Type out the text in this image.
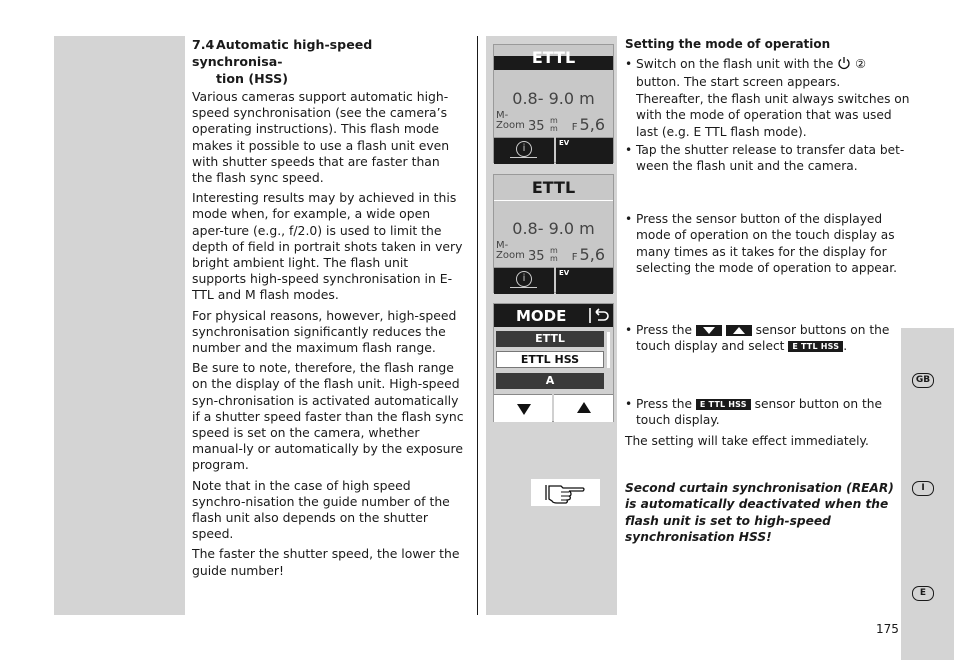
7.4 Automatic high-speed synchronisa-
tion (HSS)

Various cameras support automatic high-speed synchronisation (see the camera’s operating instructions). This flash mode makes it possible to use a flash unit even with shutter speeds that are faster than the flash sync speed.

Interesting results may by achieved in this mode when, for example, a wide open aper-ture (e.g., f/2.0) is used to limit the depth of field in portrait shots taken in very bright ambient light. The flash unit supports high-speed synchronisation in E-TTL and M flash modes.

For physical reasons, however, high-speed synchronisation significantly reduces the number and the maximum flash range.

Be sure to note, therefore, the flash range on the display of the flash unit. High-speed syn-chronisation is activated automatically if a shutter speed faster than the flash sync speed is set on the camera, whether manual-ly or automatically by the exposure program.

Note that in the case of high speed synchro-nisation the guide number of the flash unit also depends on the shutter speed.

The faster the shutter speed, the lower the guide number!

ETTL
0.8- 9.0 m
M-
Zoom 35 m
m F 5,6
i	EV
ETTL
0.8- 9.0 m
M-
Zoom 35 m
m F 5,6
i	EV
MODE
ETTL
ETTL HSS
A
Setting the mode of operation
• Switch on the flash unit with the ② button. The start screen appears. Thereafter, the flash unit always switches on with the mode of operation that was used last (e.g. E TTL flash mode).
• Tap the shutter release to transfer data bet-ween the flash unit and the camera.
• Press the sensor button of the displayed mode of operation on the touch display as many times as it takes for the display for selecting the mode of operation to appear.
• Press the
	sensor buttons on the touch display and select E TTL HSS .
• Press the E TTL HSS sensor button on the touch display.
The setting will take effect immediately.
Second curtain synchronisation (REAR) is automatically deactivated when the flash unit is set to high-speed synchronisation HSS!
GB
I
E
175
